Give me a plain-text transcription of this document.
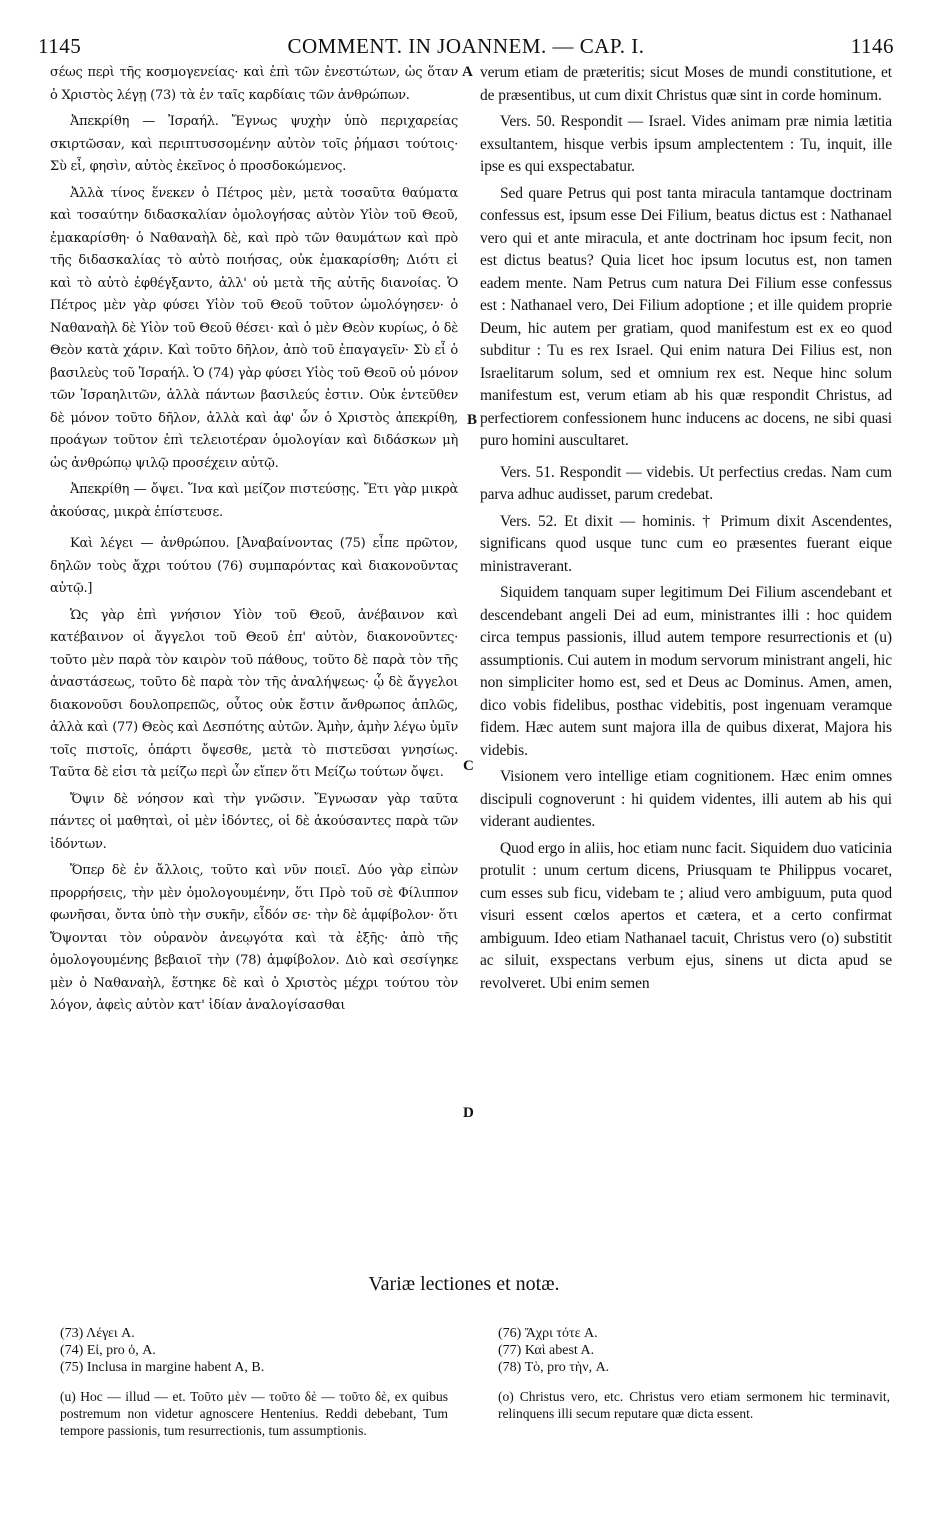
1145	COMMENT. IN JOANNEM. — CAP. I.	1146

σέως περὶ τῆς κοσμογενείας· καὶ ἐπὶ τῶν ἐνεστώτων, ὡς ὅταν ὁ Χριστὸς λέγῃ (73) τὰ ἐν ταῖς καρδίαις τῶν ἀνθρώπων.

Ἀπεκρίθη — Ἰσραήλ. Ἔγνως ψυχὴν ὑπὸ περιχαρείας σκιρτῶσαν, καὶ περιπτυσσομένην αὐτὸν τοῖς ῥήμασι τούτοις· Σὺ εἶ, φησὶν, αὐτὸς ἐκεῖνος ὁ προσδοκώμενος.

Ἀλλὰ τίνος ἕνεκεν ὁ Πέτρος μὲν, μετὰ τοσαῦτα θαύματα καὶ τοσαύτην διδασκαλίαν ὁμολογήσας αὐτὸν Υἱὸν τοῦ Θεοῦ, ἐμακαρίσθη· ὁ Ναθαναὴλ δὲ, καὶ πρὸ τῶν θαυμάτων καὶ πρὸ τῆς διδασκαλίας τὸ αὐτὸ ποιήσας, οὐκ ἐμακαρίσθη; Διότι εἰ καὶ τὸ αὐτὸ ἐφθέγξαντο, ἀλλ' οὐ μετὰ τῆς αὐτῆς διανοίας. Ὁ Πέτρος μὲν γὰρ φύσει Υἱὸν τοῦ Θεοῦ τοῦτον ὡμολόγησεν· ὁ Ναθαναὴλ δὲ Υἱὸν τοῦ Θεοῦ θέσει· καὶ ὁ μὲν Θεὸν κυρίως, ὁ δὲ Θεὸν κατὰ χάριν. Καὶ τοῦτο δῆλον, ἀπὸ τοῦ ἐπαγαγεῖν· Σὺ εἶ ὁ βασιλεὺς τοῦ Ἰσραήλ. Ὁ (74) γὰρ φύσει Υἱὸς τοῦ Θεοῦ οὐ μόνον τῶν Ἰσραηλιτῶν, ἀλλὰ πάντων βασιλεύς ἐστιν. Οὐκ ἐντεῦθεν δὲ μόνον τοῦτο δῆλον, ἀλλὰ καὶ ἀφ' ὧν ὁ Χριστὸς ἀπεκρίθη, προάγων τοῦτον ἐπὶ τελειοτέραν ὁμολογίαν καὶ διδάσκων μὴ ὡς ἀνθρώπῳ ψιλῷ προσέχειν αὐτῷ.

Ἀπεκρίθη — ὄψει. Ἵνα καὶ μείζον πιστεύσῃς. Ἔτι γὰρ μικρὰ ἀκούσας, μικρὰ ἐπίστευσε.

Καὶ λέγει — ἀνθρώπου. [Ἀναβαίνοντας (75) εἶπε πρῶτον, δηλῶν τοὺς ἄχρι τούτου (76) συμπαρόντας καὶ διακονοῦντας αὐτῷ.]

Ὡς γὰρ ἐπὶ γνήσιον Υἱὸν τοῦ Θεοῦ, ἀνέβαινον καὶ κατέβαινον οἱ ἄγγελοι τοῦ Θεοῦ ἐπ' αὐτὸν, διακονοῦντες· τοῦτο μὲν παρὰ τὸν καιρὸν τοῦ πάθους, τοῦτο δὲ παρὰ τὸν τῆς ἀναστάσεως, τοῦτο δὲ παρὰ τὸν τῆς ἀναλήψεως· ᾧ δὲ ἄγγελοι διακονοῦσι δουλοπρεπῶς, οὗτος οὐκ ἔστιν ἄνθρωπος ἁπλῶς, ἀλλὰ καὶ (77) Θεὸς καὶ Δεσπότης αὐτῶν. Ἀμὴν, ἀμὴν λέγω ὑμῖν τοῖς πιστοῖς, ὁπάρτι ὄψεσθε, μετὰ τὸ πιστεῦσαι γνησίως. Ταῦτα δὲ εἰσι τὰ μείζω περὶ ὧν εἴπεν ὅτι Μείζω τούτων ὄψει.

Ὄψιν δὲ νόησον καὶ τὴν γνῶσιν. Ἔγνωσαν γὰρ ταῦτα πάντες οἱ μαθηταὶ, οἱ μὲν ἰδόντες, οἱ δὲ ἀκούσαντες παρὰ τῶν ἰδόντων.

Ὅπερ δὲ ἐν ἄλλοις, τοῦτο καὶ νῦν ποιεῖ. Δύο γὰρ εἰπὼν προρρήσεις, τὴν μὲν ὁμολογουμένην, ὅτι Πρὸ τοῦ σὲ Φίλιππον φωνῆσαι, ὄντα ὑπὸ τὴν συκῆν, εἶδόν σε· τὴν δὲ ἀμφίβολον· ὅτι Ὄψονται τὸν οὐρανὸν ἀνεῳγότα καὶ τὰ ἑξῆς· ἀπὸ τῆς ὁμολογουμένης βεβαιοῖ τὴν (78) ἀμφίβολον. Διὸ καὶ σεσίγηκε μὲν ὁ Ναθαναὴλ, ἕστηκε δὲ καὶ ὁ Χριστὸς μέχρι τούτου τὸν λόγον, ἀφεὶς αὐτὸν κατ' ἰδίαν ἀναλογίσασθαι

A
B
C
D

verum etiam de præteritis; sicut Moses de mundi constitutione, et de præsentibus, ut cum dixit Christus quæ sint in corde hominum.

Vers. 50. Respondit — Israel. Vides animam præ nimia lætitia exsultantem, hisque verbis ipsum amplectentem : Tu, inquit, ille ipse es qui exspectabatur.

Sed quare Petrus qui post tanta miracula tantamque doctrinam confessus est, ipsum esse Dei Filium, beatus dictus est : Nathanael vero qui et ante miracula, et ante doctrinam hoc ipsum fecit, non est dictus beatus? Quia licet hoc ipsum locutus est, non tamen eadem mente. Nam Petrus cum natura Dei Filium esse confessus est : Nathanael vero, Dei Filium adoptione ; et ille quidem proprie Deum, hic autem per gratiam, quod manifestum est ex eo quod subditur : Tu es rex Israel. Qui enim natura Dei Filius est, non Israelitarum solum, sed et omnium rex est. Neque hinc solum manifestum est, verum etiam ab his quæ respondit Christus, ad perfectiorem confessionem hunc inducens ac docens, ne sibi quasi puro homini auscultaret.

Vers. 51. Respondit — videbis. Ut perfectius credas. Nam cum parva adhuc audisset, parum credebat.

Vers. 52. Et dixit — hominis. † Primum dixit Ascendentes, significans quod usque tunc cum eo præsentes fuerant eique ministraverant.

Siquidem tanquam super legitimum Dei Filium ascendebant et descendebant angeli Dei ad eum, ministrantes illi : hoc quidem circa tempus passionis, illud autem tempore resurrectionis et (u) assumptionis. Cui autem in modum servorum ministrant angeli, hic non simpliciter homo est, sed et Deus ac Dominus. Amen, amen, dico vobis fidelibus, posthac videbitis, post ingenuam veramque fidem. Hæc autem sunt majora illa de quibus dixerat, Majora his videbis.

Visionem vero intellige etiam cognitionem. Hæc enim omnes discipuli cognoverunt : hi quidem videntes, illi autem ab his qui viderant audientes.

Quod ergo in aliis, hoc etiam nunc facit. Siquidem duo vaticinia protulit : unum certum dicens, Priusquam te Philippus vocaret, cum esses sub ficu, videbam te ; aliud vero ambiguum, puta quod visuri essent cœlos apertos et cætera, et a certo confirmat ambiguum. Ideo etiam Nathanael tacuit, Christus vero (o) substitit ac siluit, exspectans verbum ejus, sinens ut dicta apud se revolveret. Ubi enim semen

Variæ lectiones et notæ.
(73) Λέγει A.
(74) Εἰ, pro ὁ, A.
(75) Inclusa in margine habent A, B.
(76) Ἄχρι τότε A.
(77) Καὶ abest A.
(78) Τὸ, pro τὴν, A.
(u) Hoc — illud — et. Τοῦτο μὲν — τοῦτο δὲ — τοῦτο δὲ, ex quibus postremum non videtur agnoscere Hentenius. Reddi debebant, Tum tempore passionis, tum resurrectionis, tum assumptionis.
(o) Christus vero, etc. Christus vero etiam sermonem hic terminavit, relinquens illi secum reputare quæ dicta essent.
